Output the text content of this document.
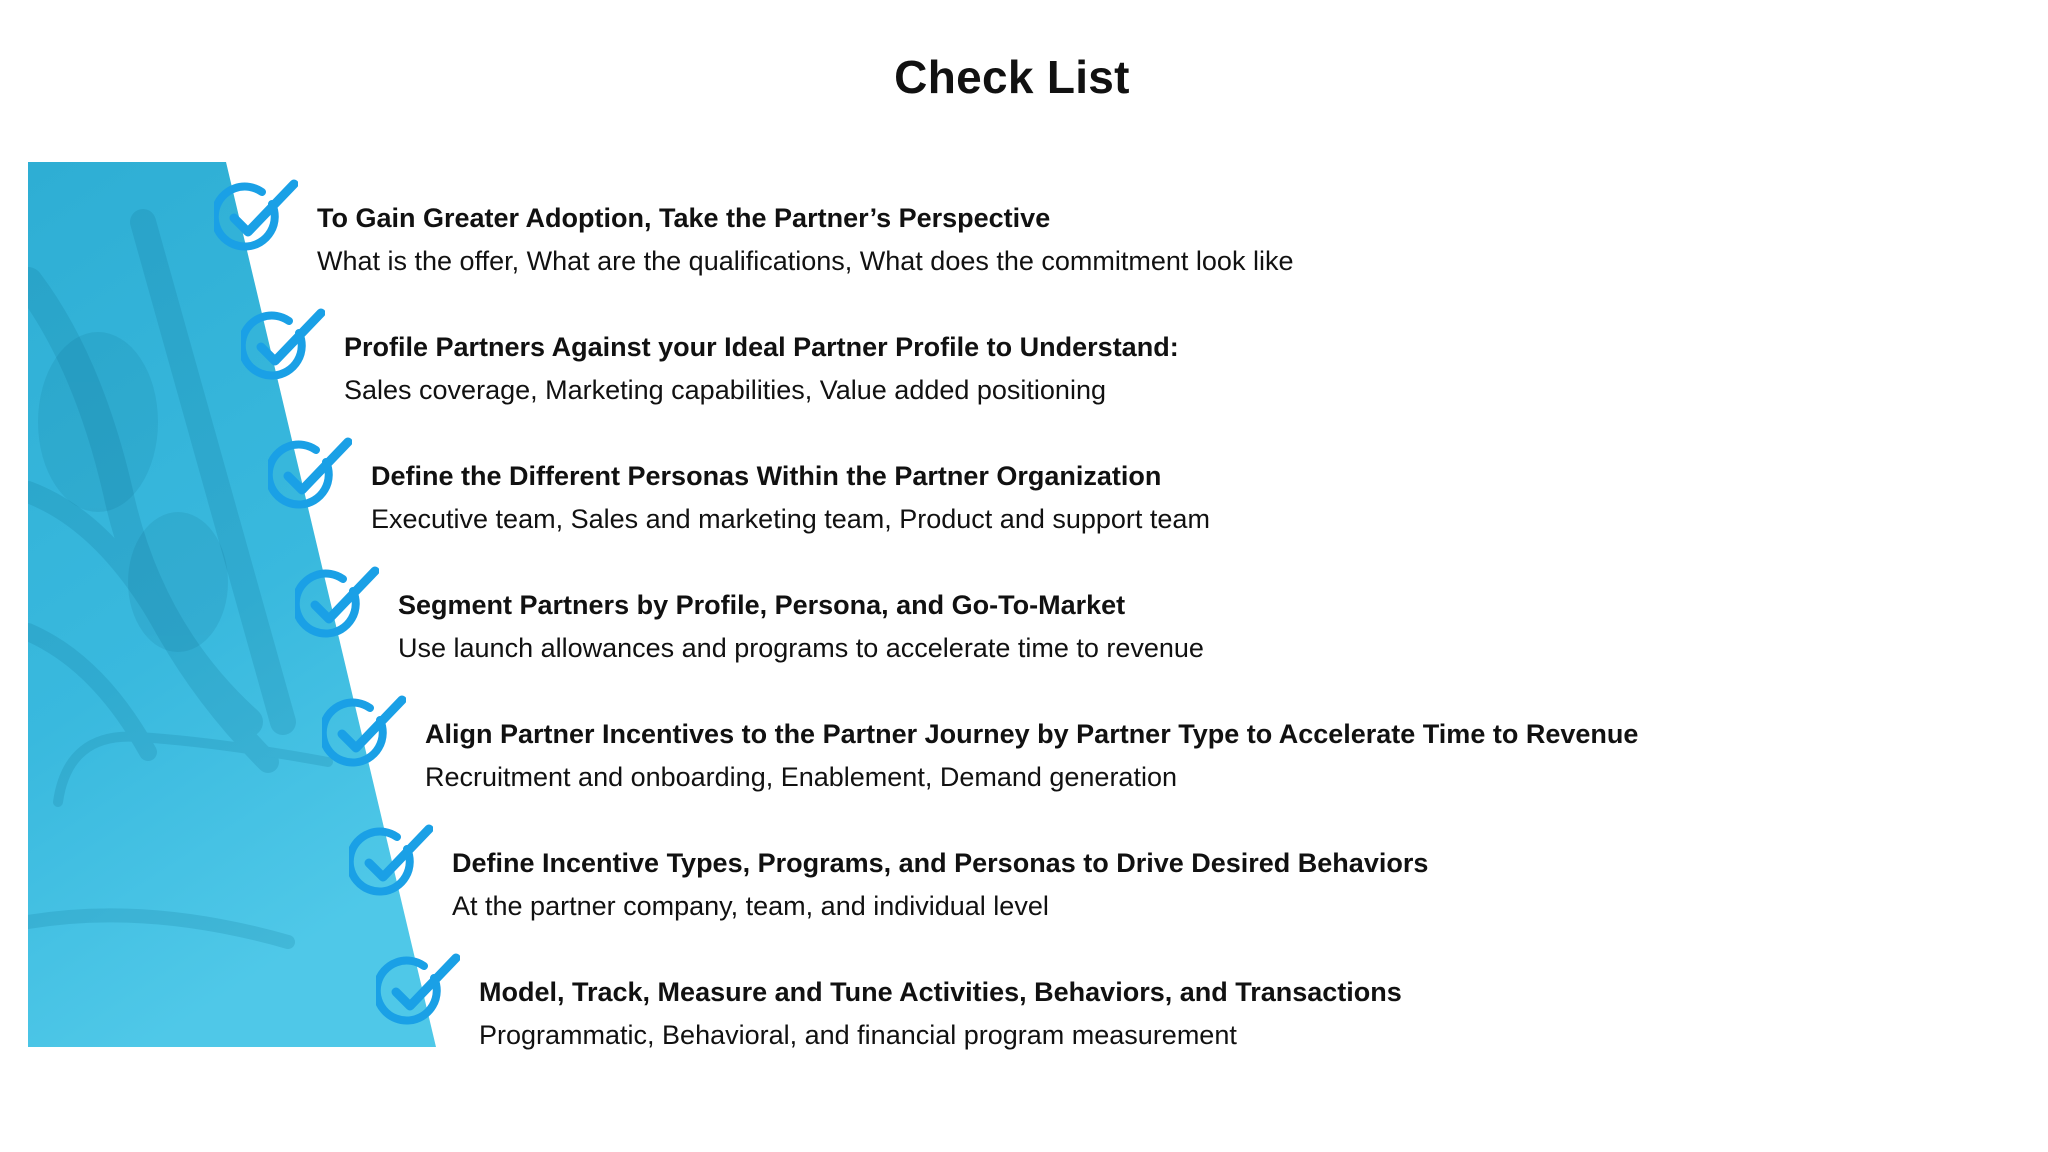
Check List
To Gain Greater Adoption, Take the Partner’s Perspective
What is the offer, What are the qualifications, What does the commitment look like
Profile Partners Against your Ideal Partner Profile to Understand:
Sales coverage, Marketing capabilities, Value added positioning
Define the Different Personas Within the Partner Organization
Executive team, Sales and marketing team, Product and support team
Segment Partners by Profile, Persona, and Go-To-Market
Use launch allowances and programs to accelerate time to revenue
Align Partner Incentives to the Partner Journey by Partner Type to Accelerate Time to Revenue
Recruitment and onboarding, Enablement, Demand generation
Define Incentive Types, Programs, and Personas to Drive Desired Behaviors
At the partner company, team, and individual level
Model, Track, Measure and Tune Activities, Behaviors, and Transactions
Programmatic, Behavioral, and financial program measurement
